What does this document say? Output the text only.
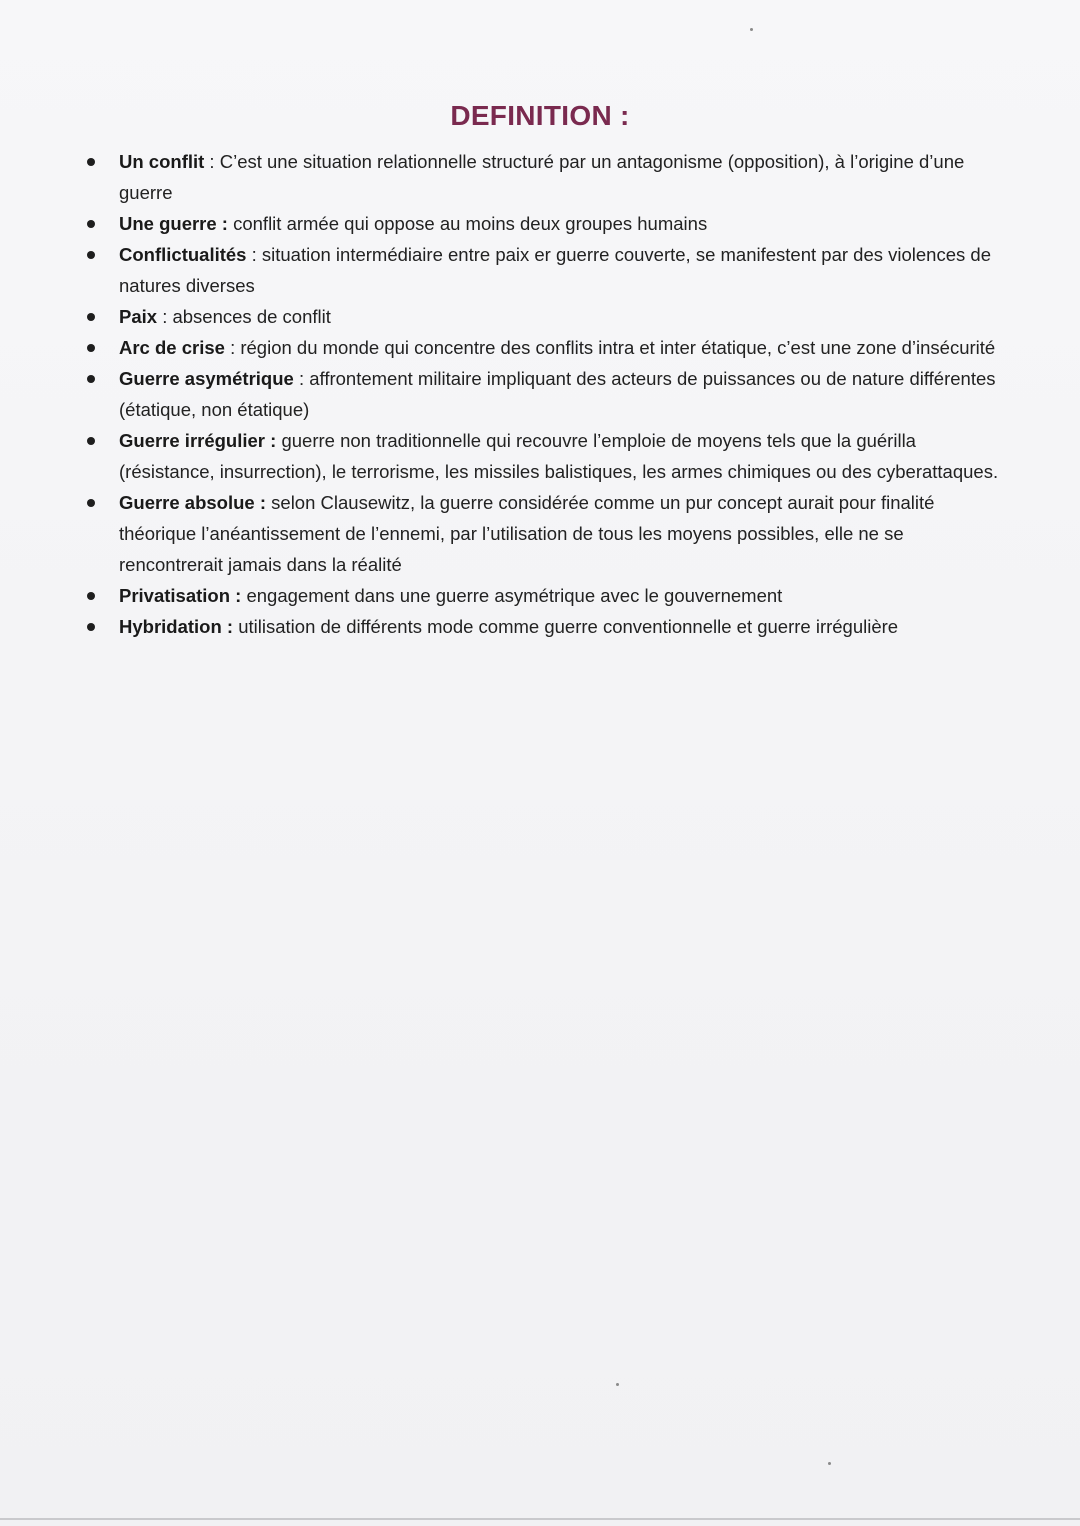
DEFINITION :
Un conflit : C’est une situation relationnelle structuré par un antagonisme (opposition), à l’origine d’une guerre
Une guerre : conflit armée qui oppose au moins deux groupes humains
Conflictualités : situation intermédiaire entre paix er guerre couverte, se manifestent par des violences de natures diverses
Paix : absences de conflit
Arc de crise : région du monde qui concentre des conflits intra et inter étatique, c’est une zone d’insécurité
Guerre asymétrique : affrontement militaire impliquant des acteurs de puissances ou de nature différentes (étatique, non étatique)
Guerre irrégulier : guerre non traditionnelle qui recouvre l’emploie de moyens tels que la guérilla (résistance, insurrection), le terrorisme, les missiles balistiques, les armes chimiques ou des cyberattaques.
Guerre absolue : selon Clausewitz, la guerre considérée comme un pur concept aurait pour finalité théorique l’anéantissement de l’ennemi, par l’utilisation de tous les moyens possibles, elle ne se rencontrerait jamais dans la réalité
Privatisation : engagement dans une guerre asymétrique avec le gouvernement
Hybridation : utilisation de différents mode comme guerre conventionnelle et guerre irrégulière
